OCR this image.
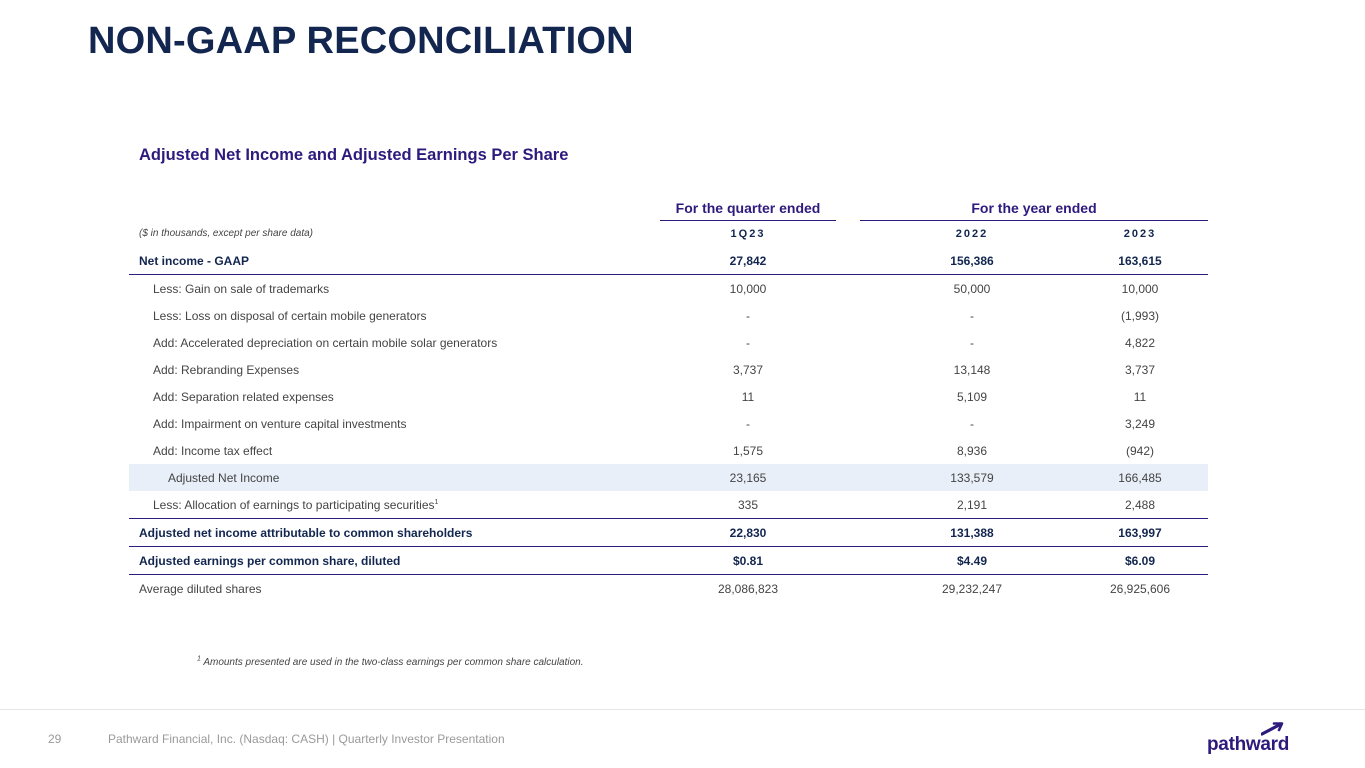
NON-GAAP RECONCILIATION
Adjusted Net Income and Adjusted Earnings Per Share
For the quarter ended	For the year ended
($ in thousands, except per share data)	1Q23	2022	2023
Net income - GAAP	27,842	156,386	163,615
Less: Gain on sale of trademarks	10,000	50,000	10,000
Less: Loss on disposal of certain mobile generators	-	-	(1,993)
Add: Accelerated depreciation on certain mobile solar generators	-	-	4,822
Add: Rebranding Expenses	3,737	13,148	3,737
Add: Separation related expenses	11	5,109	11
Add: Impairment on venture capital investments	-	-	3,249
Add: Income tax effect	1,575	8,936	(942)
Adjusted Net Income	23,165	133,579	166,485
Less: Allocation of earnings to participating securities$^1$	335	2,191	2,488
Adjusted net income attributable to common shareholders	22,830	131,388	163,997
Adjusted earnings per common share, diluted	$0.81	$4.49	$6.09
Average diluted shares	28,086,823	29,232,247	26,925,606
$^1$ Amounts presented are used in the two-class earnings per common share calculation.
29	Pathward Financial, Inc. (Nasdaq: CASH) | Quarterly Investor Presentation	pathward
